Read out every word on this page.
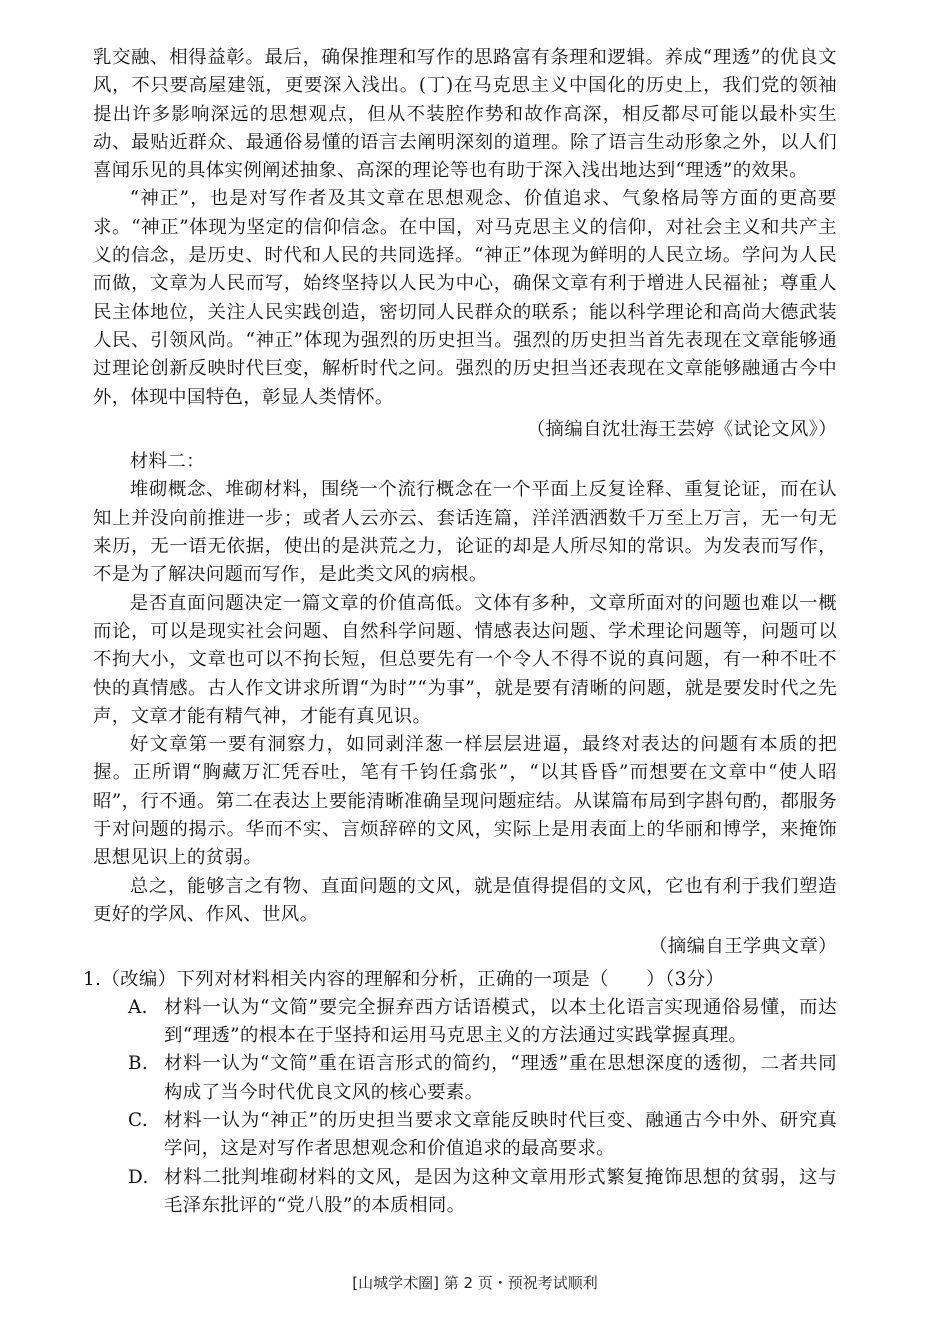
乳交融、相得益彰。最后，确保推理和写作的思路富有条理和逻辑。养成“理透”的优良文风，不只要高屋建瓴，更要深入浅出。(丁)在马克思主义中国化的历史上，我们党的领袖提出许多影响深远的思想观点，但从不装腔作势和故作高深，相反都尽可能以最朴实生动、最贴近群众、最通俗易懂的语言去阐明深刻的道理。除了语言生动形象之外，以人们喜闻乐见的具体实例阐述抽象、高深的理论等也有助于深入浅出地达到“理透”的效果。

“神正”，也是对写作者及其文章在思想观念、价值追求、气象格局等方面的更高要求。“神正”体现为坚定的信仰信念。在中国，对马克思主义的信仰，对社会主义和共产主义的信念，是历史、时代和人民的共同选择。“神正”体现为鲜明的人民立场。学问为人民而做，文章为人民而写，始终坚持以人民为中心，确保文章有利于增进人民福祉；尊重人民主体地位，关注人民实践创造，密切同人民群众的联系；能以科学理论和高尚大德武装人民、引领风尚。“神正”体现为强烈的历史担当。强烈的历史担当首先表现在文章能够通过理论创新反映时代巨变，解析时代之问。强烈的历史担当还表现在文章能够融通古今中外，体现中国特色，彰显人类情怀。

（摘编自沈壮海王芸婷《试论文风》）

材料二：

堆砌概念、堆砌材料，围绕一个流行概念在一个平面上反复诠释、重复论证，而在认知上并没向前推进一步；或者人云亦云、套话连篇，洋洋洒洒数千万至上万言，无一句无来历，无一语无依据，使出的是洪荒之力，论证的却是人所尽知的常识。为发表而写作，不是为了解决问题而写作，是此类文风的病根。

是否直面问题决定一篇文章的价值高低。文体有多种，文章所面对的问题也难以一概而论，可以是现实社会问题、自然科学问题、情感表达问题、学术理论问题等，问题可以不拘大小，文章也可以不拘长短，但总要先有一个令人不得不说的真问题，有一种不吐不快的真情感。古人作文讲求所谓“为时”“为事”，就是要有清晰的问题，就是要发时代之先声，文章才能有精气神，才能有真见识。

好文章第一要有洞察力，如同剥洋葱一样层层进逼，最终对表达的问题有本质的把握。正所谓“胸藏万汇凭吞吐，笔有千钧任翕张”，“以其昏昏”而想要在文章中“使人昭昭”，行不通。第二在表达上要能清晰准确呈现问题症结。从谋篇布局到字斟句酌，都服务于对问题的揭示。华而不实、言烦辞碎的文风，实际上是用表面上的华丽和博学，来掩饰思想见识上的贫弱。

总之，能够言之有物、直面问题的文风，就是值得提倡的文风，它也有利于我们塑造更好的学风、作风、世风。

（摘编自王学典文章）

1.（改编）下列对材料相关内容的理解和分析，正确的一项是（　　）（3分）

A. 材料一认为“文简”要完全摒弃西方话语模式，以本土化语言实现通俗易懂，而达到“理透”的根本在于坚持和运用马克思主义的方法通过实践掌握真理。
B. 材料一认为“文简”重在语言形式的简约，“理透”重在思想深度的透彻，二者共同构成了当今时代优良文风的核心要素。
C. 材料一认为“神正”的历史担当要求文章能反映时代巨变、融通古今中外、研究真学问，这是对写作者思想观念和价值追求的最高要求。
D. 材料二批判堆砌材料的文风，是因为这种文章用形式繁复掩饰思想的贫弱，这与毛泽东批评的“党八股”的本质相同。
[山城学术圈] 第 2 页・预祝考试顺利
